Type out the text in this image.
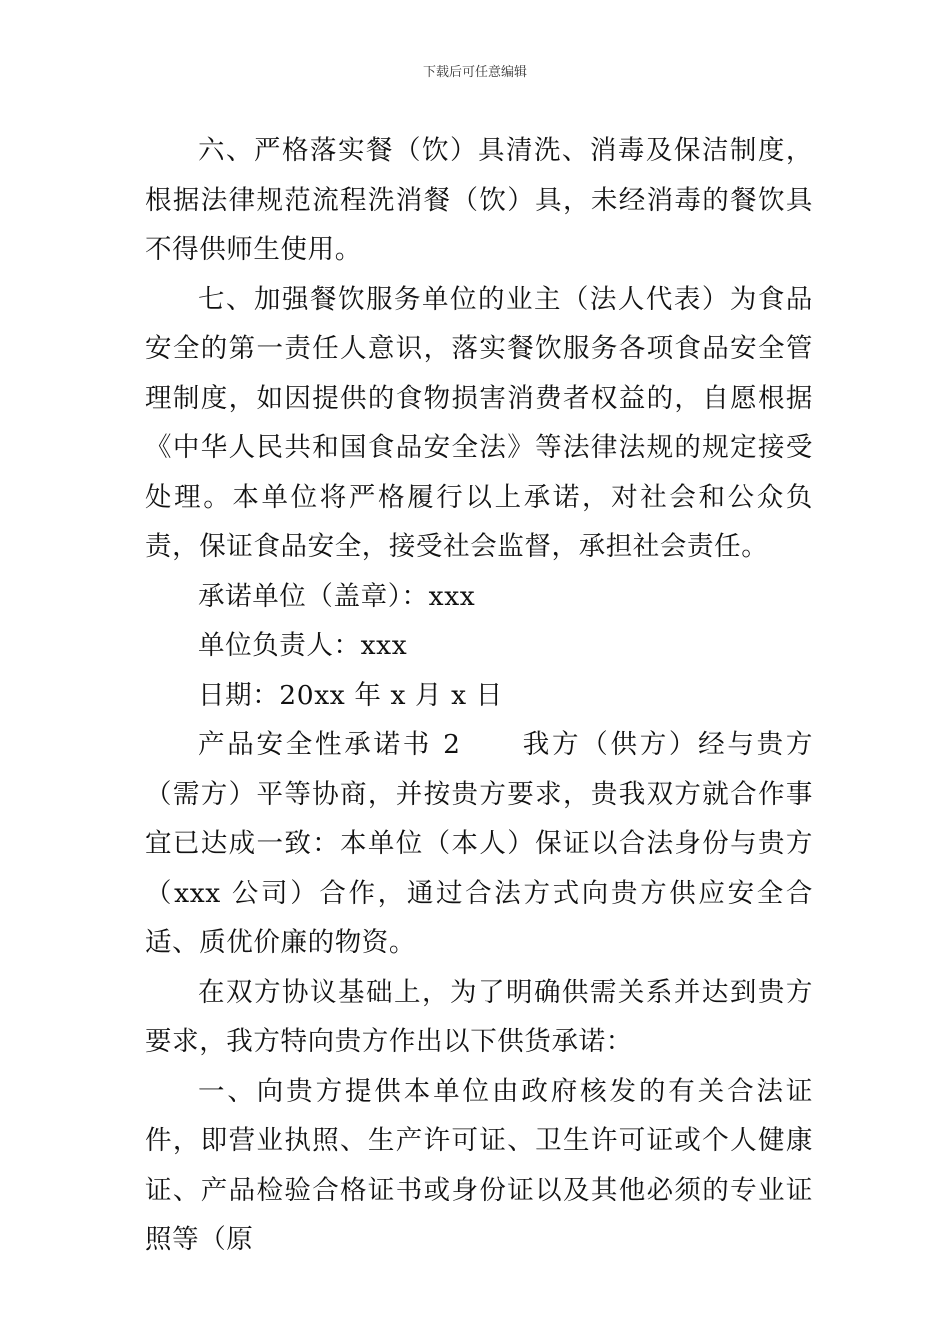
下载后可任意编辑

六、严格落实餐（饮）具清洗、消毒及保洁制度，根据法律规范流程洗消餐（饮）具，未经消毒的餐饮具不得供师生使用。

七、加强餐饮服务单位的业主（法人代表）为食品安全的第一责任人意识，落实餐饮服务各项食品安全管理制度，如因提供的食物损害消费者权益的，自愿根据《中华人民共和国食品安全法》等法律法规的规定接受处理。本单位将严格履行以上承诺，对社会和公众负责，保证食品安全，接受社会监督，承担社会责任。

承诺单位（盖章）：xxx

单位负责人：xxx

日期：20xx 年 x 月 x 日

产品安全性承诺书 2 我方（供方）经与贵方（需方）平等协商，并按贵方要求，贵我双方就合作事宜已达成一致：本单位（本人）保证以合法身份与贵方（xxx 公司）合作，通过合法方式向贵方供应安全合适、质优价廉的物资。

在双方协议基础上，为了明确供需关系并达到贵方要求，我方特向贵方作出以下供货承诺：

一、向贵方提供本单位由政府核发的有关合法证件，即营业执照、生产许可证、卫生许可证或个人健康证、产品检验合格证书或身份证以及其他必须的专业证照等（原
